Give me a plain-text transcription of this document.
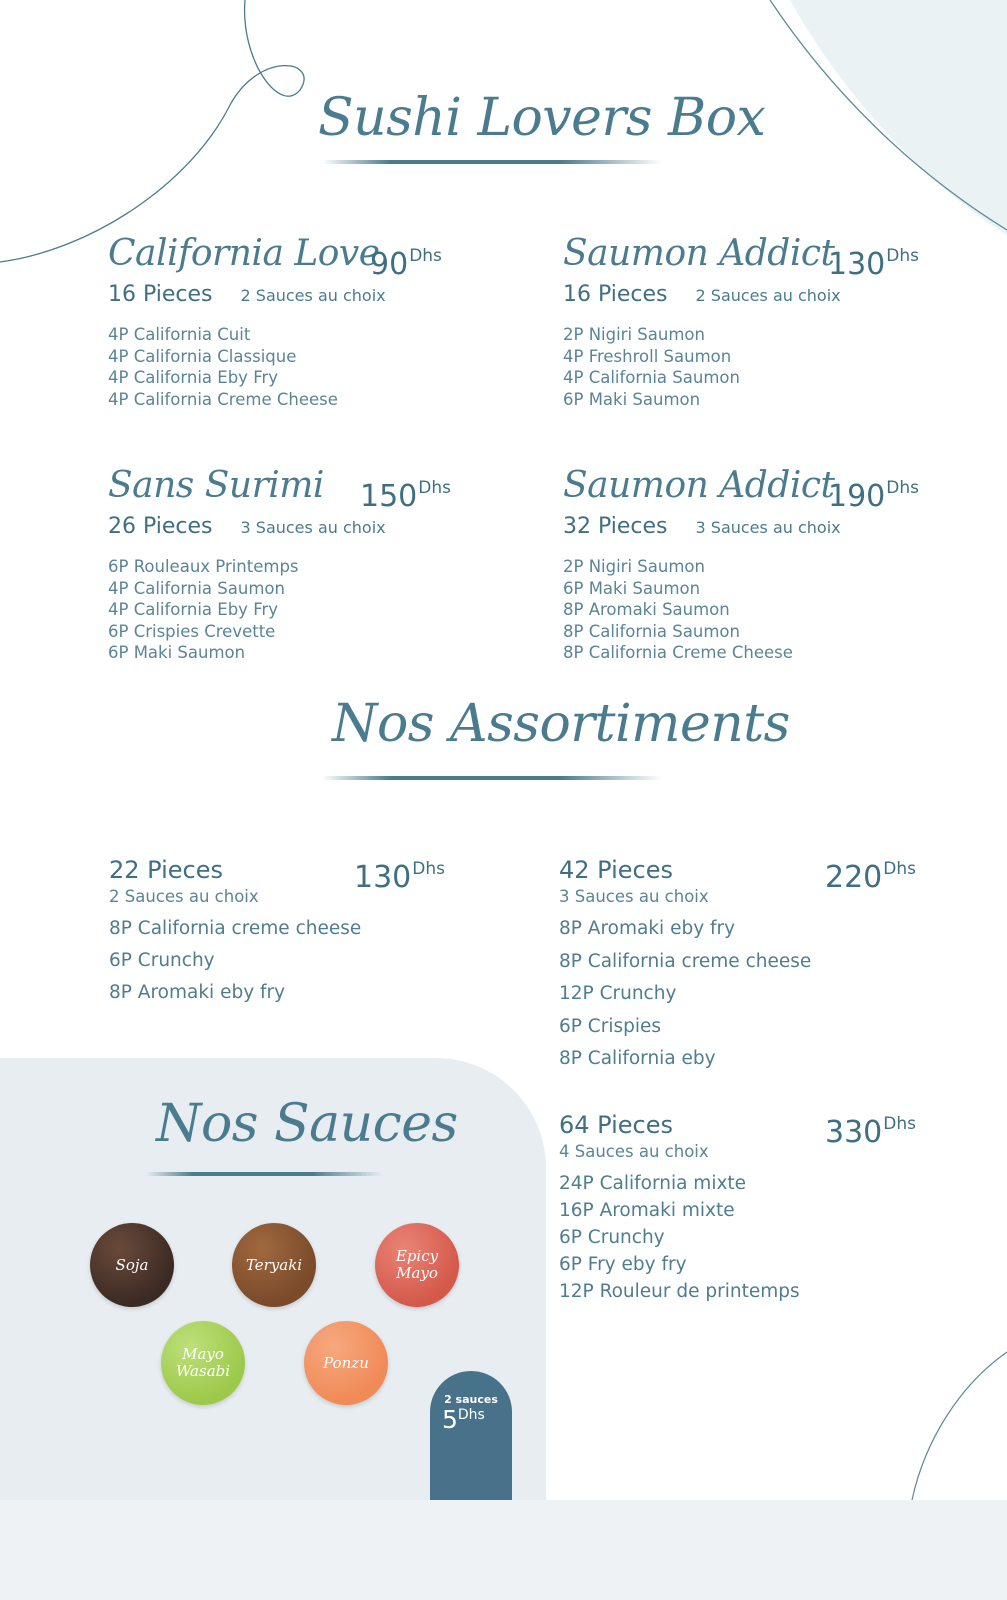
Sushi Lovers Box
California Love
$90^{Dhs}$
16 Pieces 2 Sauces au choix
4P California Cuit
4P California Classique
4P California Eby Fry
4P California Creme Cheese
Saumon Addict
$130^{Dhs}$
16 Pieces 2 Sauces au choix
2P Nigiri Saumon
4P Freshroll Saumon
4P California Saumon
6P Maki Saumon
Sans Surimi $150^{Dhs}$
26 Pieces 3 Sauces au choix
6P Rouleaux Printemps
4P California Saumon
4P California Eby Fry
6P Crispies Crevette
6P Maki Saumon
Saumon Addict
$190^{Dhs}$
32 Pieces 3 Sauces au choix
2P Nigiri Saumon
6P Maki Saumon
8P Aromaki Saumon
8P California Saumon
8P California Creme Cheese
Nos Assortiments
22 Pieces	$130^{Dhs}$
2 Sauces au choix
8P California creme cheese
6P Crunchy
8P Aromaki eby fry
42 Pieces	$220^{Dhs}$
3 Sauces au choix
8P Aromaki eby fry
8P California creme cheese
12P Crunchy
6P Crispies
8P California eby
64 Pieces	$330^{Dhs}$
4 Sauces au choix
24P California mixte
16P Aromaki mixte
6P Crunchy
6P Fry eby fry
12P Rouleur de printemps
Nos Sauces
Soja	Teryaki	Epicy Mayo
Mayo Wasabi	Ponzu
2 sauces
$5^{Dhs}$
